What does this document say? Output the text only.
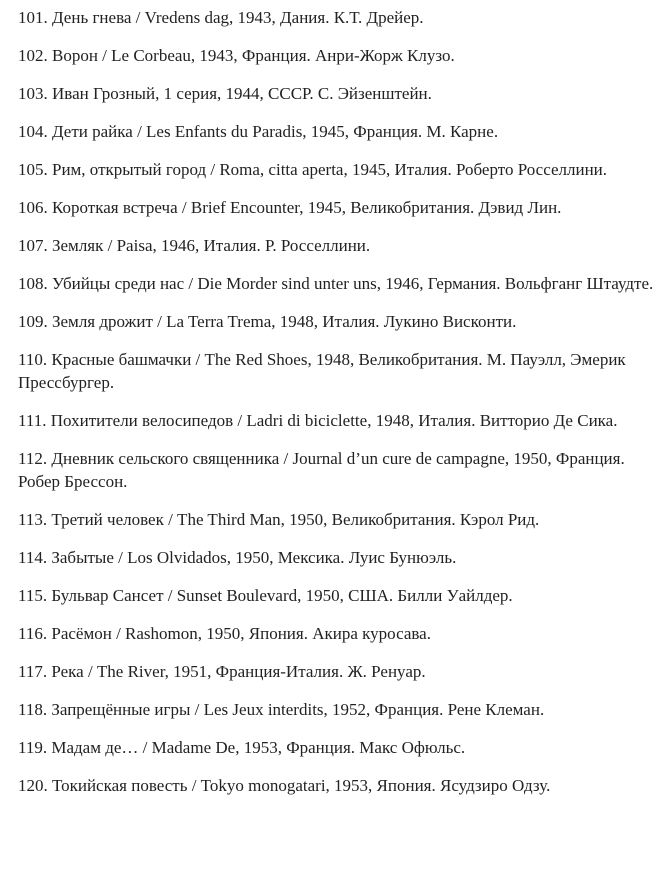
101. День гнева / Vredens dag, 1943, Дания. К.Т. Дрейер.
102. Ворон / Le Corbeau, 1943, Франция. Анри-Жорж Клузо.
103. Иван Грозный, 1 серия, 1944, СССР. С. Эйзенштейн.
104. Дети райка / Les Enfants du Paradis, 1945, Франция. М. Карне.
105. Рим, открытый город / Roma, citta aperta, 1945, Италия. Роберто Росселлини.
106. Короткая встреча / Brief Encounter, 1945, Великобритания. Дэвид Лин.
107. Земляк / Paisa, 1946, Италия. Р. Росселлини.
108. Убийцы среди нас / Die Morder sind unter uns, 1946, Германия. Вольфганг Штаудте.
109. Земля дрожит / La Terra Trema, 1948, Италия. Лукино Висконти.
110. Красные башмачки / The Red Shoes, 1948, Великобритания. М. Пауэлл, Эмерик Прессбургер.
111. Похитители велосипедов / Ladri di biciclette, 1948, Италия. Витторио Де Сика.
112. Дневник сельского священника / Journal d’un cure de campagne, 1950, Франция. Робер Брессон.
113. Третий человек / The Third Man, 1950, Великобритания. Кэрол Рид.
114. Забытые / Los Olvidados, 1950, Мексика. Луис Бунюэль.
115. Бульвар Сансет / Sunset Boulevard, 1950, США. Билли Уайлдер.
116. Расёмон / Rashomon, 1950, Япония. Акира куросава.
117. Река / The River, 1951, Франция-Италия. Ж. Ренуар.
118. Запрещённые игры / Les Jeux interdits, 1952, Франция. Рене Клеман.
119. Мадам де… / Madame De, 1953, Франция. Макс Офюльс.
120. Токийская повесть / Tokyo monogatari, 1953, Япония. Ясудзиро Одзу.
